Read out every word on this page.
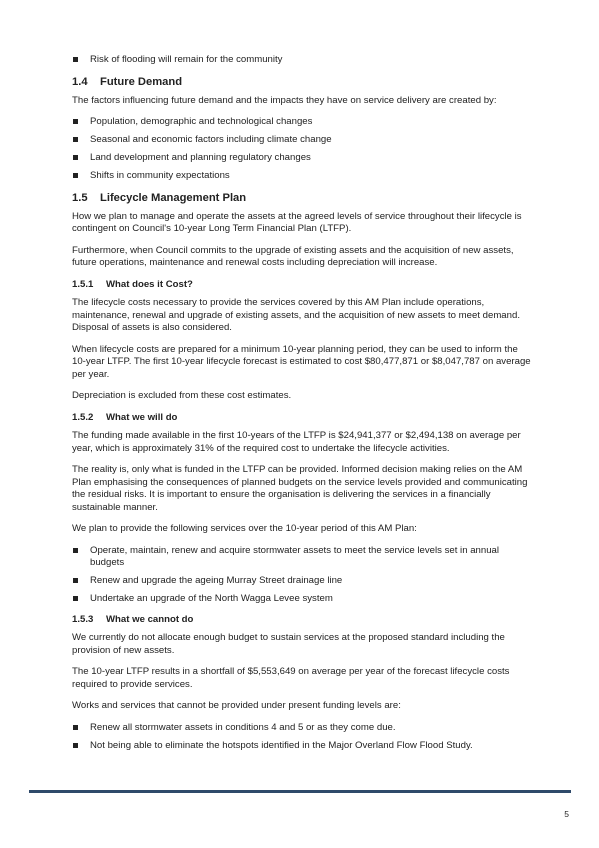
Risk of flooding will remain for the community
1.4	Future Demand

The factors influencing future demand and the impacts they have on service delivery are created by:

Population, demographic and technological changes
Seasonal and economic factors including climate change
Land development and planning regulatory changes
Shifts in community expectations
1.5	Lifecycle Management Plan

How we plan to manage and operate the assets at the agreed levels of service throughout their lifecycle is contingent on Council's 10-year Long Term Financial Plan (LTFP).

Furthermore, when Council commits to the upgrade of existing assets and the acquisition of new assets, future operations, maintenance and renewal costs including depreciation will increase.

1.5.1	What does it Cost?

The lifecycle costs necessary to provide the services covered by this AM Plan include operations, maintenance, renewal and upgrade of existing assets, and the acquisition of new assets to meet demand. Disposal of assets is also considered.

When lifecycle costs are prepared for a minimum 10-year planning period, they can be used to inform the 10-year LTFP. The first 10-year lifecycle forecast is estimated to cost $80,477,871 or $8,047,787 on average per year.

Depreciation is excluded from these cost estimates.

1.5.2	What we will do

The funding made available in the first 10-years of the LTFP is $24,941,377 or $2,494,138 on average per year, which is approximately 31% of the required cost to undertake the lifecycle activities.

The reality is, only what is funded in the LTFP can be provided. Informed decision making relies on the AM Plan emphasising the consequences of planned budgets on the service levels provided and communicating the residual risks. It is important to ensure the organisation is delivering the services in a financially sustainable manner.

We plan to provide the following services over the 10-year period of this AM Plan:

Operate, maintain, renew and acquire stormwater assets to meet the service levels set in annual budgets
Renew and upgrade the ageing Murray Street drainage line
Undertake an upgrade of the North Wagga Levee system
1.5.3	What we cannot do

We currently do not allocate enough budget to sustain services at the proposed standard including the provision of new assets.

The 10-year LTFP results in a shortfall of $5,553,649 on average per year of the forecast lifecycle costs required to provide services.

Works and services that cannot be provided under present funding levels are:

Renew all stormwater assets in conditions 4 and 5 or as they come due.
Not being able to eliminate the hotspots identified in the Major Overland Flow Flood Study.
5
